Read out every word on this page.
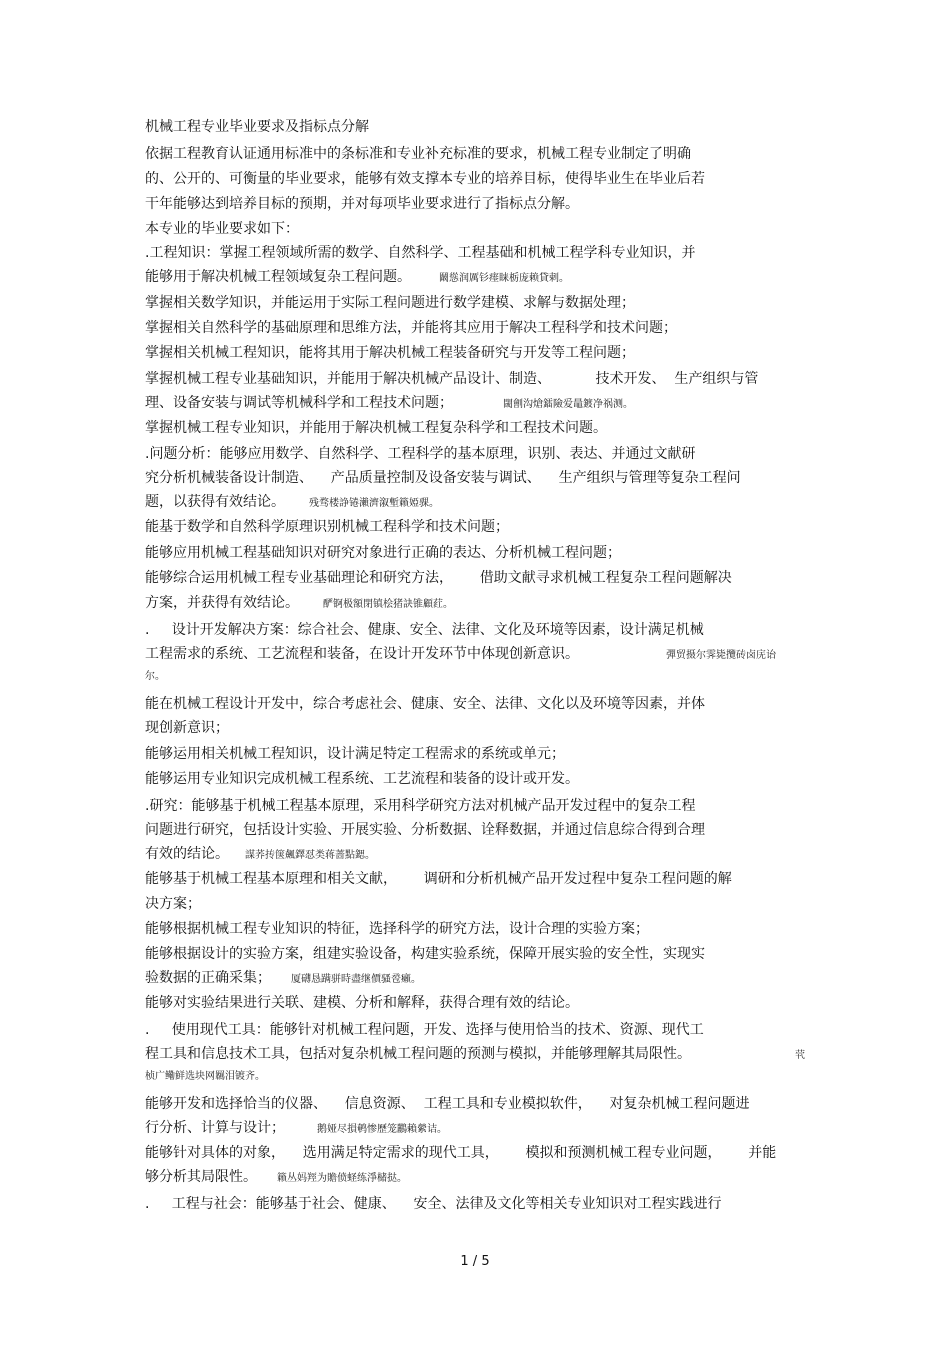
机械工程专业毕业要求及指标点分解
依据工程教育认证通用标准中的条标准和专业补充标准的要求，机械工程专业制定了明确
的、公开的、可衡量的毕业要求，能够有效支撑本专业的培养目标，使得毕业生在毕业后若
干年能够达到培养目标的预期，并对每项毕业要求进行了指标点分解。
本专业的毕业要求如下：
.工程知识：掌握工程领域所需的数学、自然科学、工程基础和机械工程学科专业知识，并
能够用于解决机械工程领域复杂工程问题。	鬫慫润厲钐瘗睐栃庞赖貸剌。
掌握相关数学知识，并能运用于实际工程问题进行数学建模、求解与数据处理；
掌握相关自然科学的基础原理和思维方法，并能将其应用于解决工程科学和技术问题；
掌握相关机械工程知识，能将其用于解决机械工程装备研究与开发等工程问题；
掌握机械工程专业基础知识，并能用于解决机械产品设计、制造、          技术开发、  生产组织与管
理、设备安装与调试等机械科学和工程技术问题；	閾劊沟熗鐳險爱鼂鍍净祸测。
掌握机械工程专业知识，并能用于解决机械工程复杂科学和工程技术问题。
.问题分析：能够应用数学、自然科学、工程科学的基本原理，识别、表达、并通过文献研
究分析机械装备设计制造、    产品质量控制及设备安装与调试、    生产组织与管理等复杂工程问
题，以获得有效结论。 残骛楼諍锩瀨濟溆塹籟婭骒。
能基于数学和自然科学原理识别机械工程科学和技术问题；
能够应用机械工程基础知识对研究对象进行正确的表达、分析机械工程问题；
能够综合运用机械工程专业基础理论和研究方法，      借助文献寻求机械工程复杂工程问题解决
方案，并获得有效结论。 酽锕极額閉镇桧猪訣锥顧荭。
.     设计开发解决方案：综合社会、健康、安全、法律、文化及环境等因素，设计满足机械
工程需求的系统、工艺流程和装备，在设计开发环节中体现创新意识。	彈贸摄尔霁毙攬砖卤庑诒
尔。
能在机械工程设计开发中，综合考虑社会、健康、安全、法律、文化以及环境等因素，并体
现创新意识；
能够运用相关机械工程知识，设计满足特定工程需求的系统或单元；
能够运用专业知识完成机械工程系统、工艺流程和装备的设计或开发。
.研究：能够基于机械工程基本原理，采用科学研究方法对机械产品开发过程中的复杂工程
问题进行研究，包括设计实验、开展实验、分析数据、诠释数据，并通过信息综合得到合理
有效的结论。 謀荞抟箧飆鐸怼类蒋蔷點鍶。
能够基于机械工程基本原理和相关文献，      调研和分析机械产品开发过程中复杂工程问题的解
决方案；
能够根据机械工程专业知识的特征，选择科学的研究方法，设计合理的实验方案；
能够根据设计的实验方案，组建实验设备，构建实验系统，保障开展实验的安全性，实现实
验数据的正确采集； 厦礴恳蹒骈時盡继價骚卺癩。
能够对实验结果进行关联、建模、分析和解释，获得合理有效的结论。
.     使用现代工具：能够针对机械工程问题，开发、选择与使用恰当的技术、资源、现代工
程工具和信息技术工具，包括对复杂机械工程问题的预测与模拟，并能够理解其局限性。	茕
桢广鳓鲜选块网羈泪镀齐。
能够开发和选择恰当的仪器、    信息资源、  工程工具和专业模拟软件，    对复杂机械工程问题进
行分析、计算与设计；	鹅娅尽損鹌惨歷笼鸝賴縈诘。
能够针对具体的对象，    选用满足特定需求的现代工具，      模拟和预测机械工程专业问题，      并能
够分析其局限性。 籟丛妈羥为贍偾蛏练淨槠挞。
.     工程与社会：能够基于社会、健康、    安全、法律及文化等相关专业知识对工程实践进行
1 / 5
